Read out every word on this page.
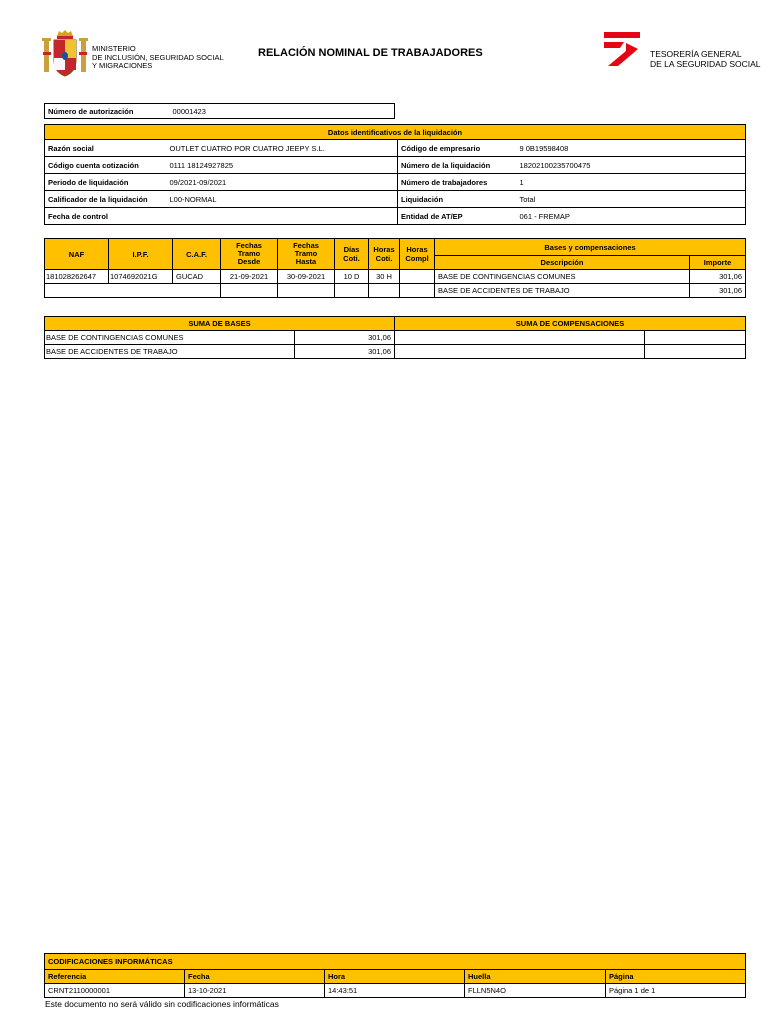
MINISTERIO
DE INCLUSIÓN, SEGURIDAD SOCIAL
Y MIGRACIONES
RELACIÓN NOMINAL DE TRABAJADORES	TESORERÍA GENERAL
DE LA SEGURIDAD SOCIAL
Número de autorización	00001423
Datos identificativos de la liquidación			
Razón social	OUTLET CUATRO POR CUATRO JEEPY S.L.	Código de empresario	9 0B19598408
Código cuenta cotización	0111 18124927825	Número de la liquidación	18202100235700475
Periodo de liquidación	09/2021-09/2021	Número de trabajadores	1
Calificador de la liquidación	L00-NORMAL	Liquidación	Total
Fecha de control		Entidad de AT/EP	061 - FREMAP
NAF	I.P.F.	C.A.F.	Fechas Tramo Desde	Fechas Tramo Hasta	Días Coti.	Horas Coti.	Horas Compl	Bases y compensaciones	
								Descripción	Importe
181028262647	1074692021G	GUCAD	21-09-2021	30-09-2021	10 D	30 H		BASE DE CONTINGENCIAS COMUNES	301,06
								BASE DE ACCIDENTES DE TRABAJO	301,06
SUMA DE BASES		SUMA DE COMPENSACIONES	
BASE DE CONTINGENCIAS COMUNES	301,06		
BASE DE ACCIDENTES DE TRABAJO	301,06		
CODIFICACIONES INFORMÁTICAS				
Referencia	Fecha	Hora	Huella	Página
CRNT2110000001	13-10-2021	14:43:51	FLLN5N4O	Página 1 de 1
Este documento no será válido sin codificaciones informáticas
